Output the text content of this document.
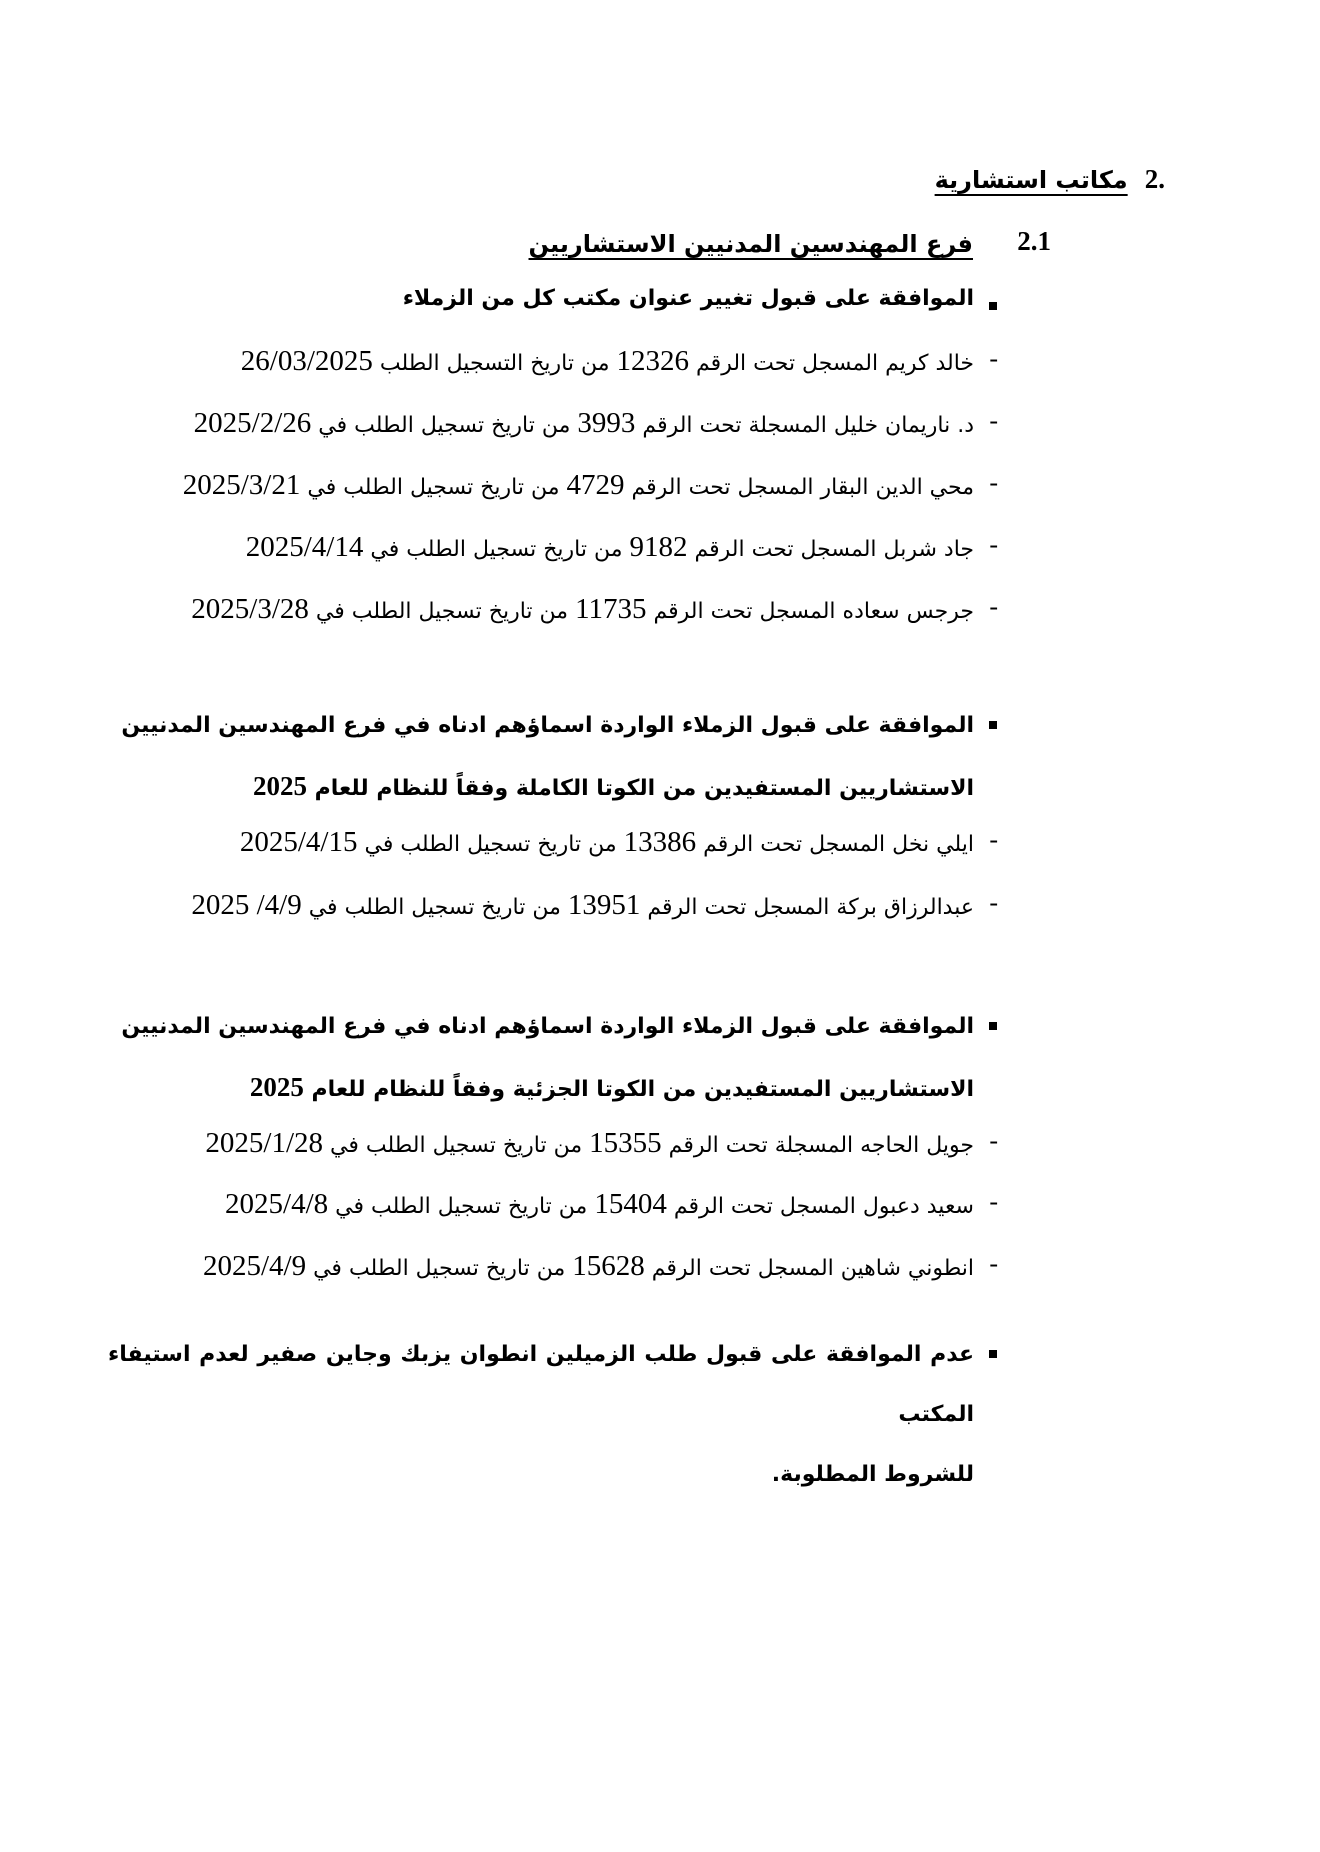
2. مكاتب استشارية
2.1
فرع المهندسين المدنيين الاستشاريين
الموافقة على قبول تغيير عنوان مكتب كل من الزملاء
-
خالد كريم المسجل تحت الرقم 12326 من تاريخ التسجيل الطلب 26/03/2025
-
د. ناريمان خليل المسجلة تحت الرقم 3993 من تاريخ تسجيل الطلب في 2025/2/26
-
محي الدين البقار المسجل تحت الرقم 4729 من تاريخ تسجيل الطلب في 2025/3/21
-
جاد شربل المسجل تحت الرقم 9182 من تاريخ تسجيل الطلب في 2025/4/14
-
جرجس سعاده المسجل تحت الرقم 11735 من تاريخ تسجيل الطلب في 2025/3/28
الموافقة على قبول الزملاء الواردة اسماؤهم ادناه في فرع المهندسين المدنيين
الاستشاريين المستفيدين من الكوتا الكاملة وفقاً للنظام للعام 2025
-
ايلي نخل المسجل تحت الرقم 13386 من تاريخ تسجيل الطلب في 2025/4/15
-
عبدالرزاق بركة المسجل تحت الرقم 13951 من تاريخ تسجيل الطلب في 2025 /4/9
الموافقة على قبول الزملاء الواردة اسماؤهم ادناه في فرع المهندسين المدنيين
الاستشاريين المستفيدين من الكوتا الجزئية وفقاً للنظام للعام 2025
-
جويل الحاجه المسجلة تحت الرقم 15355 من تاريخ تسجيل الطلب في 2025/1/28
-
سعيد دعبول المسجل تحت الرقم 15404 من تاريخ تسجيل الطلب في 2025/4/8
-
انطوني شاهين المسجل تحت الرقم 15628 من تاريخ تسجيل الطلب في 2025/4/9
عدم الموافقة على قبول طلب الزميلين انطوان يزبك وجاين صفير لعدم استيفاء المكتب
للشروط المطلوبة.
